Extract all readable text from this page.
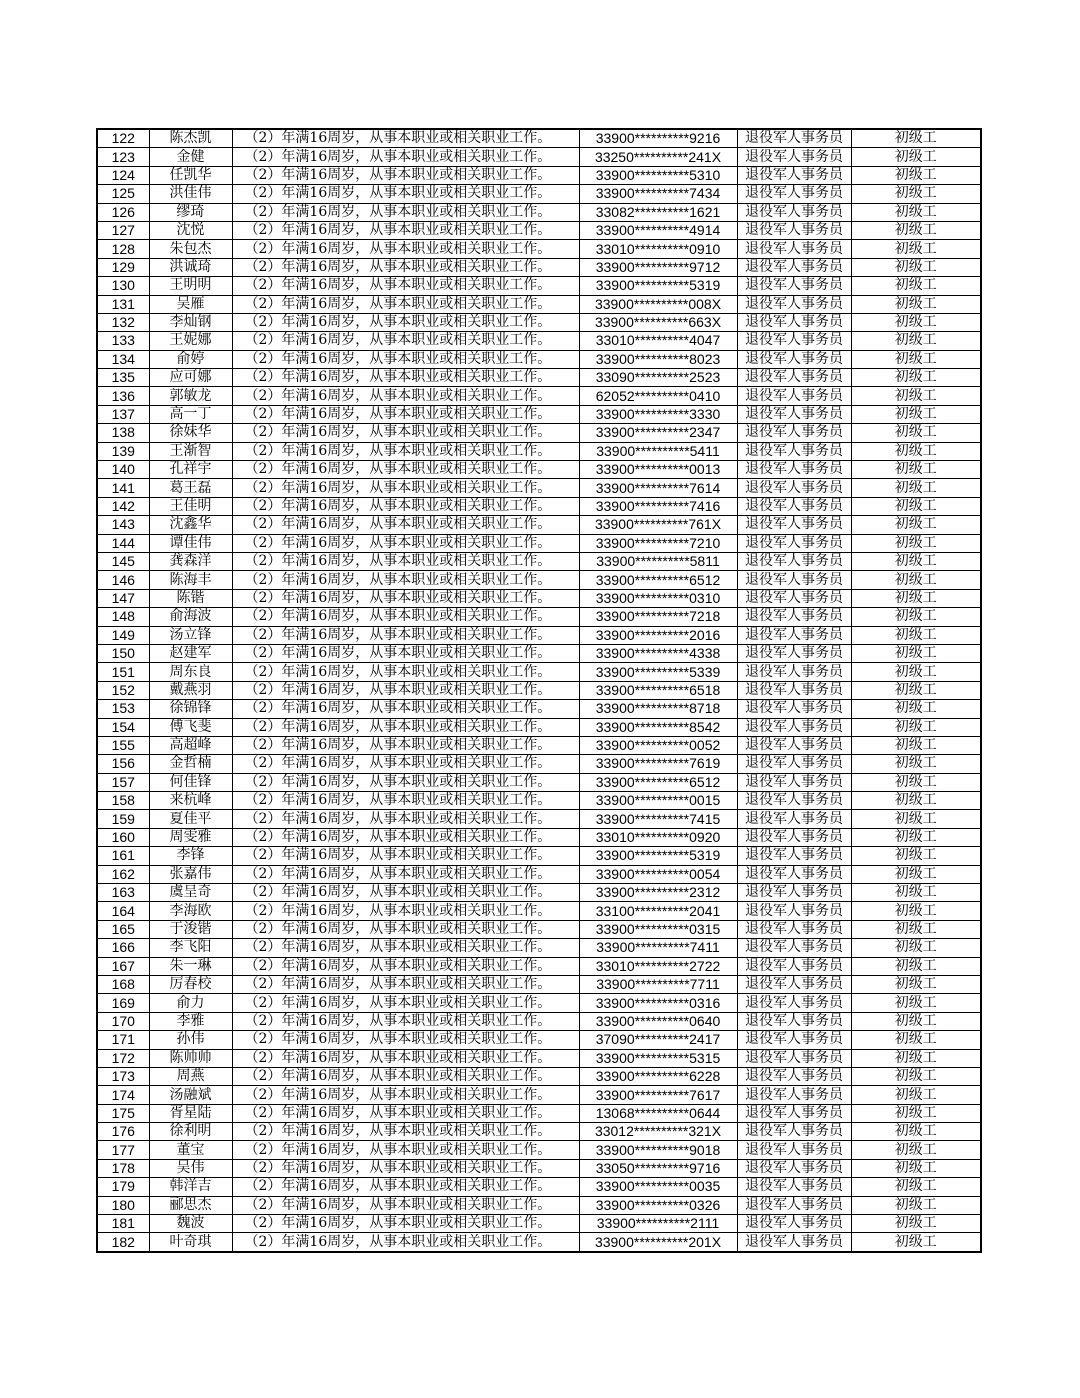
122	陈杰凯	（2）年满16周岁，从事本职业或相关职业工作。	33900**********9216	退役军人事务员	初级工
123	金健	（2）年满16周岁，从事本职业或相关职业工作。	33250**********241X	退役军人事务员	初级工
124	任凯华	（2）年满16周岁，从事本职业或相关职业工作。	33900**********5310	退役军人事务员	初级工
125	洪佳伟	（2）年满16周岁，从事本职业或相关职业工作。	33900**********7434	退役军人事务员	初级工
126	缪琦	（2）年满16周岁，从事本职业或相关职业工作。	33082**********1621	退役军人事务员	初级工
127	沈悦	（2）年满16周岁，从事本职业或相关职业工作。	33900**********4914	退役军人事务员	初级工
128	朱包杰	（2）年满16周岁，从事本职业或相关职业工作。	33010**********0910	退役军人事务员	初级工
129	洪诚琦	（2）年满16周岁，从事本职业或相关职业工作。	33900**********9712	退役军人事务员	初级工
130	王明明	（2）年满16周岁，从事本职业或相关职业工作。	33900**********5319	退役军人事务员	初级工
131	吴雁	（2）年满16周岁，从事本职业或相关职业工作。	33900**********008X	退役军人事务员	初级工
132	李灿钢	（2）年满16周岁，从事本职业或相关职业工作。	33900**********663X	退役军人事务员	初级工
133	王妮娜	（2）年满16周岁，从事本职业或相关职业工作。	33010**********4047	退役军人事务员	初级工
134	俞婷	（2）年满16周岁，从事本职业或相关职业工作。	33900**********8023	退役军人事务员	初级工
135	应可娜	（2）年满16周岁，从事本职业或相关职业工作。	33090**********2523	退役军人事务员	初级工
136	郭敏龙	（2）年满16周岁，从事本职业或相关职业工作。	62052**********0410	退役军人事务员	初级工
137	高一丁	（2）年满16周岁，从事本职业或相关职业工作。	33900**********3330	退役军人事务员	初级工
138	徐妹华	（2）年满16周岁，从事本职业或相关职业工作。	33900**********2347	退役军人事务员	初级工
139	王渐智	（2）年满16周岁，从事本职业或相关职业工作。	33900**********5411	退役军人事务员	初级工
140	孔祥宇	（2）年满16周岁，从事本职业或相关职业工作。	33900**********0013	退役军人事务员	初级工
141	葛王磊	（2）年满16周岁，从事本职业或相关职业工作。	33900**********7614	退役军人事务员	初级工
142	王佳明	（2）年满16周岁，从事本职业或相关职业工作。	33900**********7416	退役军人事务员	初级工
143	沈鑫华	（2）年满16周岁，从事本职业或相关职业工作。	33900**********761X	退役军人事务员	初级工
144	谭佳伟	（2）年满16周岁，从事本职业或相关职业工作。	33900**********7210	退役军人事务员	初级工
145	龚森洋	（2）年满16周岁，从事本职业或相关职业工作。	33900**********5811	退役军人事务员	初级工
146	陈海丰	（2）年满16周岁，从事本职业或相关职业工作。	33900**********6512	退役军人事务员	初级工
147	陈锴	（2）年满16周岁，从事本职业或相关职业工作。	33900**********0310	退役军人事务员	初级工
148	俞海波	（2）年满16周岁，从事本职业或相关职业工作。	33900**********7218	退役军人事务员	初级工
149	汤立锋	（2）年满16周岁，从事本职业或相关职业工作。	33900**********2016	退役军人事务员	初级工
150	赵建军	（2）年满16周岁，从事本职业或相关职业工作。	33900**********4338	退役军人事务员	初级工
151	周东良	（2）年满16周岁，从事本职业或相关职业工作。	33900**********5339	退役军人事务员	初级工
152	戴燕羽	（2）年满16周岁，从事本职业或相关职业工作。	33900**********6518	退役军人事务员	初级工
153	徐锦锋	（2）年满16周岁，从事本职业或相关职业工作。	33900**********8718	退役军人事务员	初级工
154	傅飞斐	（2）年满16周岁，从事本职业或相关职业工作。	33900**********8542	退役军人事务员	初级工
155	高超峰	（2）年满16周岁，从事本职业或相关职业工作。	33900**********0052	退役军人事务员	初级工
156	金哲楠	（2）年满16周岁，从事本职业或相关职业工作。	33900**********7619	退役军人事务员	初级工
157	何佳锋	（2）年满16周岁，从事本职业或相关职业工作。	33900**********6512	退役军人事务员	初级工
158	来杭峰	（2）年满16周岁，从事本职业或相关职业工作。	33900**********0015	退役军人事务员	初级工
159	夏佳平	（2）年满16周岁，从事本职业或相关职业工作。	33900**********7415	退役军人事务员	初级工
160	周雯雅	（2）年满16周岁，从事本职业或相关职业工作。	33010**********0920	退役军人事务员	初级工
161	李锋	（2）年满16周岁，从事本职业或相关职业工作。	33900**********5319	退役军人事务员	初级工
162	张嘉伟	（2）年满16周岁，从事本职业或相关职业工作。	33900**********0054	退役军人事务员	初级工
163	虞呈奇	（2）年满16周岁，从事本职业或相关职业工作。	33900**********2312	退役军人事务员	初级工
164	李海欧	（2）年满16周岁，从事本职业或相关职业工作。	33100**********2041	退役军人事务员	初级工
165	于浚锴	（2）年满16周岁，从事本职业或相关职业工作。	33900**********0315	退役军人事务员	初级工
166	李飞阳	（2）年满16周岁，从事本职业或相关职业工作。	33900**********7411	退役军人事务员	初级工
167	朱一琳	（2）年满16周岁，从事本职业或相关职业工作。	33010**********2722	退役军人事务员	初级工
168	厉春校	（2）年满16周岁，从事本职业或相关职业工作。	33900**********7711	退役军人事务员	初级工
169	俞力	（2）年满16周岁，从事本职业或相关职业工作。	33900**********0316	退役军人事务员	初级工
170	李雅	（2）年满16周岁，从事本职业或相关职业工作。	33900**********0640	退役军人事务员	初级工
171	孙伟	（2）年满16周岁，从事本职业或相关职业工作。	37090**********2417	退役军人事务员	初级工
172	陈帅帅	（2）年满16周岁，从事本职业或相关职业工作。	33900**********5315	退役军人事务员	初级工
173	周燕	（2）年满16周岁，从事本职业或相关职业工作。	33900**********6228	退役军人事务员	初级工
174	汤融斌	（2）年满16周岁，从事本职业或相关职业工作。	33900**********7617	退役军人事务员	初级工
175	胥星陆	（2）年满16周岁，从事本职业或相关职业工作。	13068**********0644	退役军人事务员	初级工
176	徐利明	（2）年满16周岁，从事本职业或相关职业工作。	33012**********321X	退役军人事务员	初级工
177	董宝	（2）年满16周岁，从事本职业或相关职业工作。	33900**********9018	退役军人事务员	初级工
178	吴伟	（2）年满16周岁，从事本职业或相关职业工作。	33050**********9716	退役军人事务员	初级工
179	韩洋吉	（2）年满16周岁，从事本职业或相关职业工作。	33900**********0035	退役军人事务员	初级工
180	郦思杰	（2）年满16周岁，从事本职业或相关职业工作。	33900**********0326	退役军人事务员	初级工
181	魏波	（2）年满16周岁，从事本职业或相关职业工作。	33900**********2111	退役军人事务员	初级工
182	叶奇琪	（2）年满16周岁，从事本职业或相关职业工作。	33900**********201X	退役军人事务员	初级工
